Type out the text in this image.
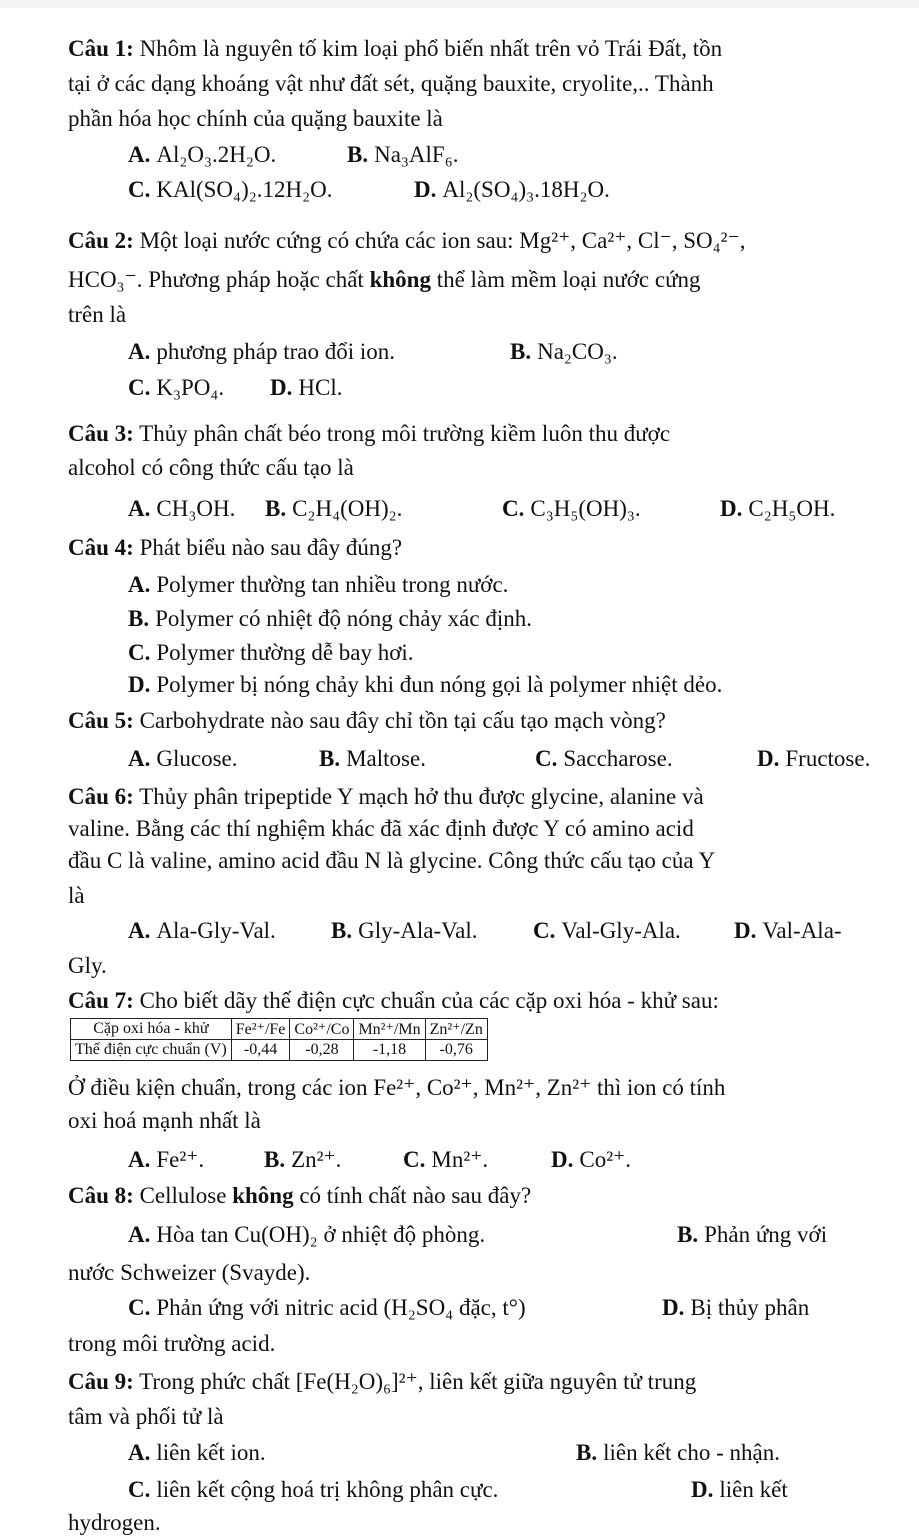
Câu 1: Nhôm là nguyên tố kim loại phổ biến nhất trên vỏ Trái Đất, tồn
tại ở các dạng khoáng vật như đất sét, quặng bauxite, cryolite,.. Thành
phần hóa học chính của quặng bauxite là
A. Al₂O₃.2H₂O.	B. Na₃AlF₆.
C. KAl(SO₄)₂.12H₂O.	D. Al₂(SO₄)₃.18H₂O.
Câu 2: Một loại nước cứng có chứa các ion sau: Mg²⁺, Ca²⁺, Cl⁻, SO₄²⁻,
HCO₃⁻. Phương pháp hoặc chất không thể làm mềm loại nước cứng
trên là
A. phương pháp trao đổi ion.	B. Na₂CO₃.
C. K₃PO₄. D. HCl.
Câu 3: Thủy phân chất béo trong môi trường kiềm luôn thu được
alcohol có công thức cấu tạo là
A. CH₃OH. B. C₂H₄(OH)₂.	C. C₃H₅(OH)₃.	D. C₂H₅OH.
Câu 4: Phát biểu nào sau đây đúng?
A. Polymer thường tan nhiều trong nước.
B. Polymer có nhiệt độ nóng chảy xác định.
C. Polymer thường dễ bay hơi.
D. Polymer bị nóng chảy khi đun nóng gọi là polymer nhiệt dẻo.
Câu 5: Carbohydrate nào sau đây chỉ tồn tại cấu tạo mạch vòng?
A. Glucose.	B. Maltose.	C. Saccharose.	D. Fructose.
Câu 6: Thủy phân tripeptide Y mạch hở thu được glycine, alanine và
valine. Bằng các thí nghiệm khác đã xác định được Y có amino acid
đầu C là valine, amino acid đầu N là glycine. Công thức cấu tạo của Y
là
A. Ala-Gly-Val. B. Gly-Ala-Val. C. Val-Gly-Ala. D. Val-Ala-
Gly.
Câu 7: Cho biết dãy thế điện cực chuẩn của các cặp oxi hóa - khử sau:
Cặp oxi hóa - khử	Fe²⁺/Fe	Co²⁺/Co	Mn²⁺/Mn	Zn²⁺/Zn
Thế điện cực chuẩn (V)	-0,44	-0,28	-1,18	-0,76
Ở điều kiện chuẩn, trong các ion Fe²⁺, Co²⁺, Mn²⁺, Zn²⁺ thì ion có tính
oxi hoá mạnh nhất là
A. Fe²⁺.	B. Zn²⁺.	C. Mn²⁺.	D. Co²⁺.
Câu 8: Cellulose không có tính chất nào sau đây?
A. Hòa tan Cu(OH)₂ ở nhiệt độ phòng.	B. Phản ứng với
nước Schweizer (Svayde).
C. Phản ứng với nitric acid (H₂SO₄ đặc, t°)	D. Bị thủy phân
trong môi trường acid.
Câu 9: Trong phức chất [Fe(H₂O)₆]²⁺, liên kết giữa nguyên tử trung
tâm và phối tử là
A. liên kết ion.	B. liên kết cho - nhận.
C. liên kết cộng hoá trị không phân cực.	D. liên kết
hydrogen.
